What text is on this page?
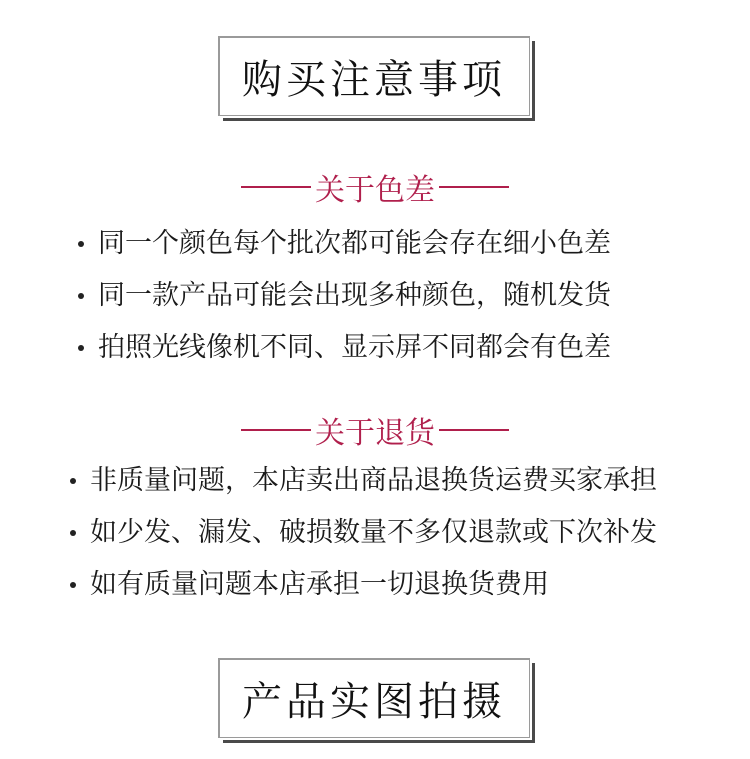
购买注意事项
关于色差
同一个颜色每个批次都可能会存在细小色差
同一款产品可能会出现多种颜色，随机发货
拍照光线像机不同、显示屏不同都会有色差
关于退货
非质量问题，本店卖出商品退换货运费买家承担
如少发、漏发、破损数量不多仅退款或下次补发
如有质量问题本店承担一切退换货费用
产品实图拍摄
